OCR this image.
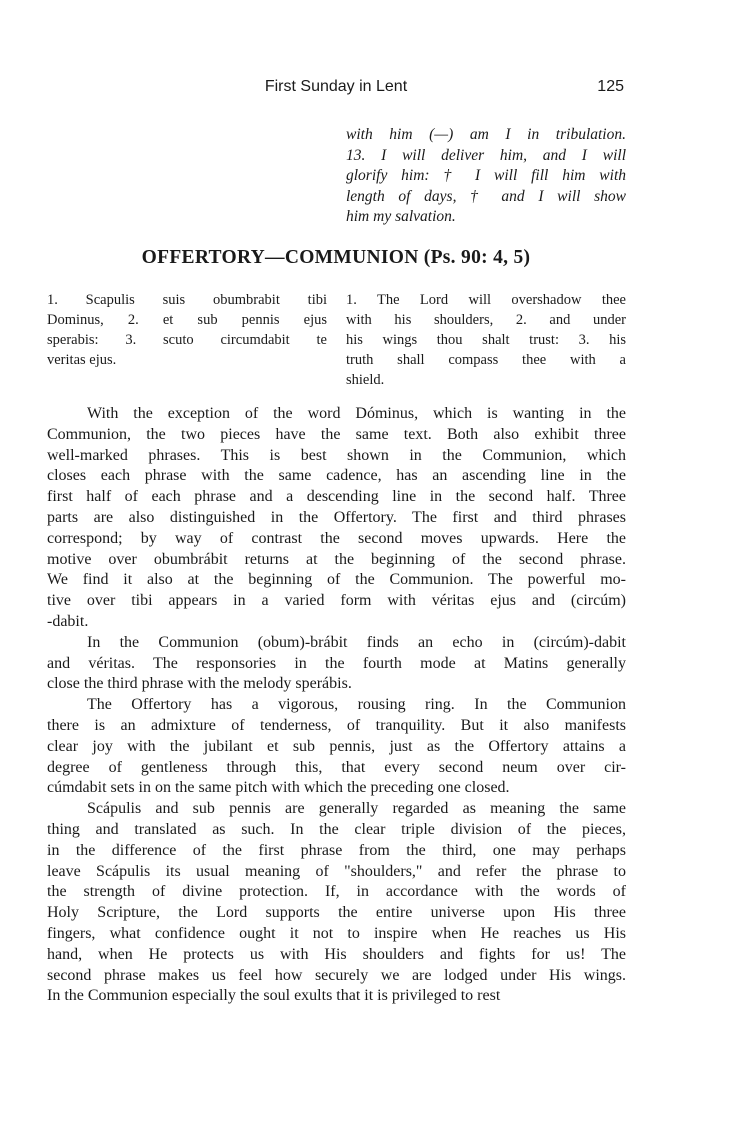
First Sunday in Lent	125
with him (—) am I in tribulation.
13. I will deliver him, and I will
glorify him: † I will fill him with
length of days, † and I will show
him my salvation.
OFFERTORY—COMMUNION (Ps. 90: 4, 5)
1. Scapulis suis obumbrabit tibi
Dominus, 2. et sub pennis ejus
sperabis: 3. scuto circumdabit te
veritas ejus.
1. The Lord will overshadow thee
with his shoulders, 2. and under
his wings thou shalt trust: 3. his
truth shall compass thee with a
shield.
With the exception of the word Dóminus, which is wanting in the
Communion, the two pieces have the same text. Both also exhibit three
well-marked phrases. This is best shown in the Communion, which
closes each phrase with the same cadence, has an ascending line in the
first half of each phrase and a descending line in the second half. Three
parts are also distinguished in the Offertory. The first and third phrases
correspond; by way of contrast the second moves upwards. Here the
motive over obumbrábit returns at the beginning of the second phrase.
We find it also at the beginning of the Communion. The powerful mo-
tive over tibi appears in a varied form with véritas ejus and (circúm)
-dabit.
In the Communion (obum)-brábit finds an echo in (circúm)-dabit
and véritas. The responsories in the fourth mode at Matins generally
close the third phrase with the melody sperábis.
The Offertory has a vigorous, rousing ring. In the Communion
there is an admixture of tenderness, of tranquility. But it also manifests
clear joy with the jubilant et sub pennis, just as the Offertory attains a
degree of gentleness through this, that every second neum over cir-
cúmdabit sets in on the same pitch with which the preceding one closed.
Scápulis and sub pennis are generally regarded as meaning the same
thing and translated as such. In the clear triple division of the pieces,
in the difference of the first phrase from the third, one may perhaps
leave Scápulis its usual meaning of "shoulders," and refer the phrase to
the strength of divine protection. If, in accordance with the words of
Holy Scripture, the Lord supports the entire universe upon His three
fingers, what confidence ought it not to inspire when He reaches us His
hand, when He protects us with His shoulders and fights for us! The
second phrase makes us feel how securely we are lodged under His wings.
In the Communion especially the soul exults that it is privileged to rest
